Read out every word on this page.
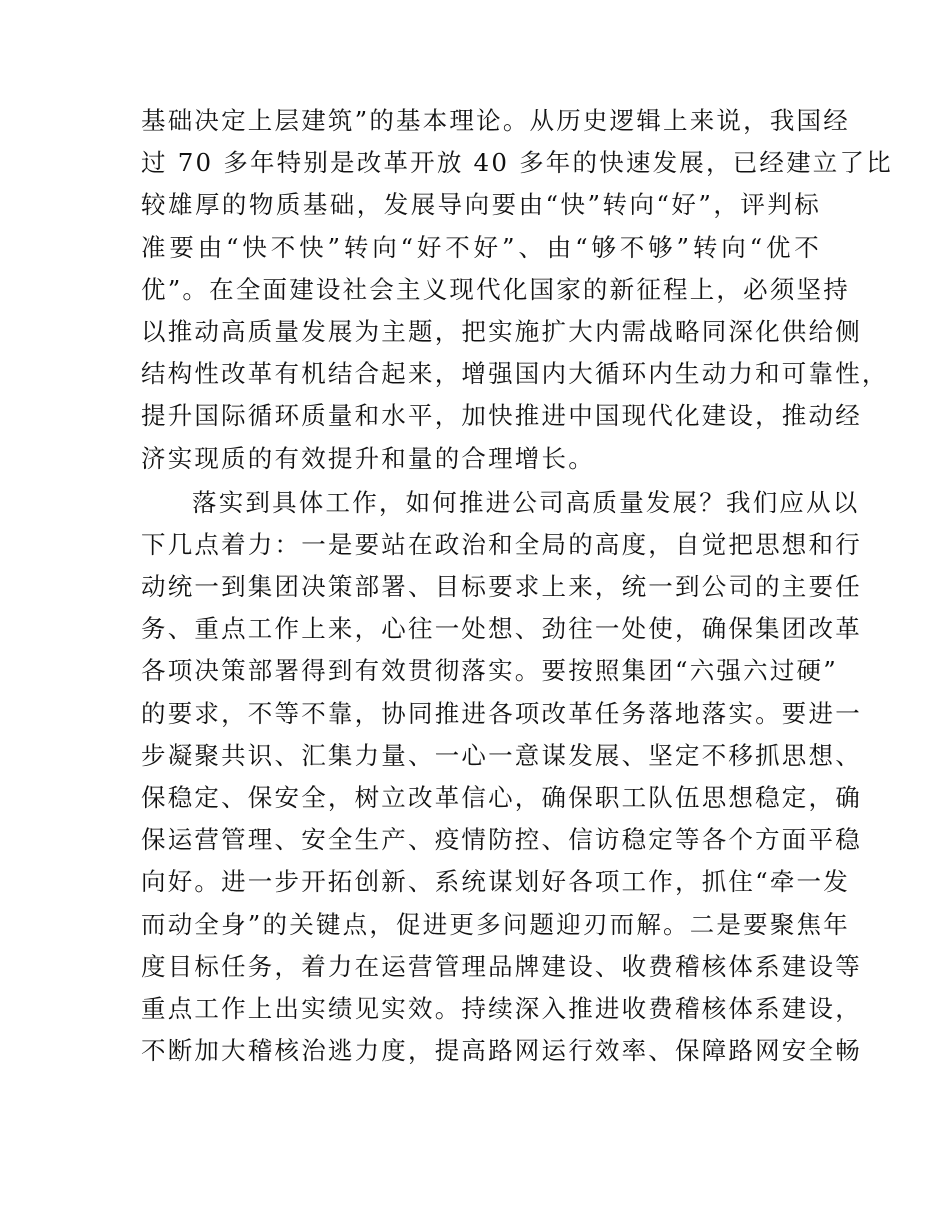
基础决定上层建筑”的基本理论。从历史逻辑上来说，我国经
过 70 多年特别是改革开放 40 多年的快速发展，已经建立了比
较雄厚的物质基础，发展导向要由“快”转向“好”，评判标
准要由“快不快”转向“好不好”、由“够不够”转向“优不
优”。在全面建设社会主义现代化国家的新征程上，必须坚持
以推动高质量发展为主题，把实施扩大内需战略同深化供给侧
结构性改革有机结合起来，增强国内大循环内生动力和可靠性，
提升国际循环质量和水平，加快推进中国现代化建设，推动经
济实现质的有效提升和量的合理增长。
落实到具体工作，如何推进公司高质量发展？我们应从以
下几点着力：一是要站在政治和全局的高度，自觉把思想和行
动统一到集团决策部署、目标要求上来，统一到公司的主要任
务、重点工作上来，心往一处想、劲往一处使，确保集团改革
各项决策部署得到有效贯彻落实。要按照集团“六强六过硬”
的要求，不等不靠，协同推进各项改革任务落地落实。要进一
步凝聚共识、汇集力量、一心一意谋发展、坚定不移抓思想、
保稳定、保安全，树立改革信心，确保职工队伍思想稳定，确
保运营管理、安全生产、疫情防控、信访稳定等各个方面平稳
向好。进一步开拓创新、系统谋划好各项工作，抓住“牵一发
而动全身”的关键点，促进更多问题迎刃而解。二是要聚焦年
度目标任务，着力在运营管理品牌建设、收费稽核体系建设等
重点工作上出实绩见实效。持续深入推进收费稽核体系建设，
不断加大稽核治逃力度，提高路网运行效率、保障路网安全畅
